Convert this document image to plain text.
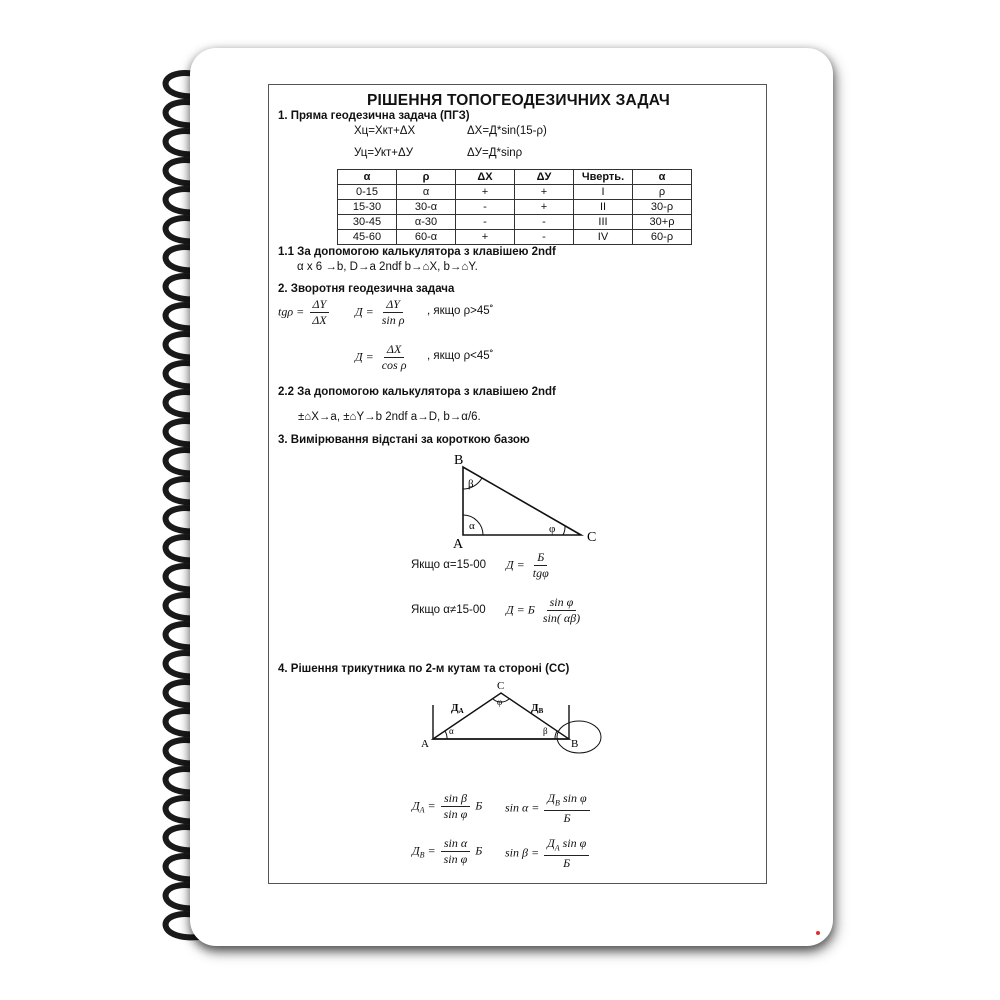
РІШЕННЯ ТОПОГЕОДЕЗИЧНИХ ЗАДАЧ
1. Пряма геодезична задача (ПГЗ)
Хц=Хкт+ΔХ	ΔХ=Д*sin(15-ρ)
Уц=Укт+ΔУ	ΔУ=Д*sinρ
α	ρ	ΔХ	ΔУ	Чверть.	α
0-15	α	+	+	I	ρ
15-30	30-α	-	+	II	30-ρ
30-45	α-30	-	-	III	30+ρ
45-60	60-α	+	-	IV	60-ρ
1.1 За допомогою калькулятора з клавішею 2ndf
α х 6 →b, D→a 2ndf b→⌂X, b→⌂Y.
2. Зворотня геодезична задача
$tg\rho = \frac{\Delta Y}{\Delta X}$ $Д = \frac{\Delta Y}{\text{sin ρ}}$ , якщо ρ>45˚
$Д = \frac{\Delta X}{\text{cos ρ}}$ , якщо ρ<45˚
2.2 За допомогою калькулятора з клавішею 2ndf
±⌂X→a, ±⌂Y→b 2ndf a→D, b→α/6.
3. Вимірювання відстані за короткою базою
B
A	C
β
α	φ
Якщо α=15-00 $Д = \frac{Б}{\text{tgφ}}$
Якщо α≠15-00 Д = Б $\frac{\text{sin φ}}{\sin( \alpha\beta)}$
4. Рішення трикутника по 2-м кутам та стороні (СС)
C
A	B
ДА	ДВ
α	β
φ
$Д_А = \frac{\text{sin β}}{\text{sin φ}}$ Б $\sin \alpha = \frac{Д_В \sin \varphi}{Б}$
$Д_В = \frac{\text{sin α}}{\text{sin φ}}$ Б $\sin \beta = \frac{Д_А \sin \varphi}{Б}$
